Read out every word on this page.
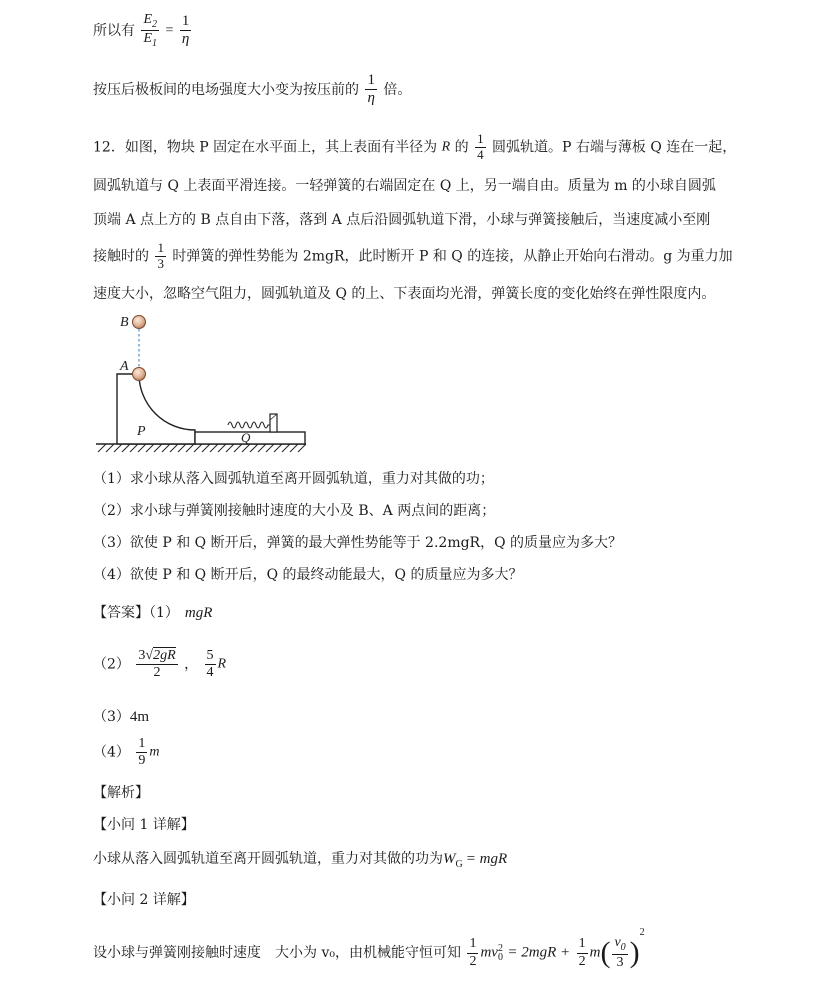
所以有 $\frac{E_2}{E_1} = \frac{1}{\eta}$
按压后极板间的电场强度大小变为按压前的 $\frac{1}{\eta}$ 倍。
12．如图，物块 P 固定在水平面上，其上表面有半径为 R 的 $\frac{1}{4}$ 圆弧轨道。P 右端与薄板 Q 连在一起，
圆弧轨道与 Q 上表面平滑连接。一轻弹簧的右端固定在 Q 上，另一端自由。质量为 m 的小球自圆弧
顶端 A 点上方的 B 点自由下落，落到 A 点后沿圆弧轨道下滑，小球与弹簧接触后，当速度减小至刚
接触时的 $\frac{1}{3}$ 时弹簧的弹性势能为 2mgR，此时断开 P 和 Q 的连接，从静止开始向右滑动。g 为重力加
速度大小，忽略空气阻力，圆弧轨道及 Q 的上、下表面均光滑，弹簧长度的变化始终在弹性限度内。
B
A
P	Q
（1）求小球从落入圆弧轨道至离开圆弧轨道，重力对其做的功；
（2）求小球与弹簧刚接触时速度的大小及 B、A 两点间的距离；
（3）欲使 P 和 Q 断开后，弹簧的最大弹性势能等于 2.2mgR，Q 的质量应为多大？
（4）欲使 P 和 Q 断开后，Q 的最终动能最大，Q 的质量应为多大？
【答案】（1） mgR
$(2) \frac{3√2gR}{2}$ ， $\frac{5}{4}$ R
（3）4m
$(4) \frac{1}{9}$ m
【解析】
【小问 1 详解】
小球从落入圆弧轨道至离开圆弧轨道，重力对其做的功为$W_G$ = mgR
【小问 2 详解】
设小球与弹簧刚接触时速度　大小为 v₀，由机械能守恒可知 $\frac{1}{2}$ mv 2
$0 = 2mgR + \frac{1}{2} m( \frac{v_0}{3} )^2$
